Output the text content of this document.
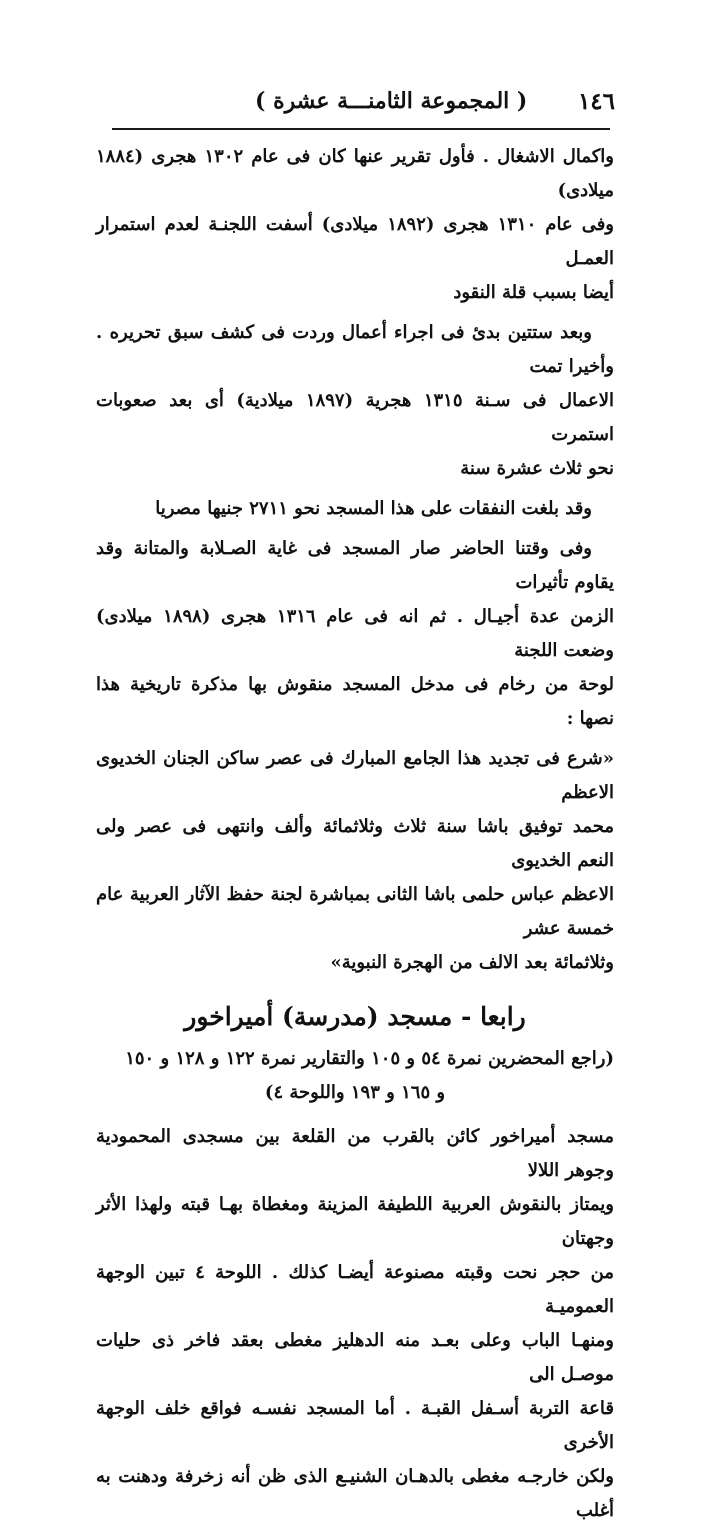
١٤٦
( المجموعة الثامنـــة عشرة )

واكمال الاشغال . فأول تقرير عنها كان فى عام ١٣٠٢ هجرى (١٨٨٤ ميلادى)
وفى عام ١٣١٠ هجرى (١٨٩٢ ميلادى) أسفت اللجنـة لعدم استمرار العمـل
أيضا بسبب قلة النقود

وبعد ستتين بدئ فى اجراء أعمال وردت فى كشف سبق تحريره . وأخيرا تمت
الاعمال فى سـنة ١٣١٥ هجرية (١٨٩٧ ميلادية) أى بعد صعوبات استمرت
نحو ثلاث عشرة سنة

وقد بلغت النفقات على هذا المسجد نحو ٢٧١١ جنيها مصريا

وفى وقتنا الحاضر صار المسجد فى غاية الصـلابة والمتانة وقد يقاوم تأثيرات
الزمن عدة أجيـال . ثم انه فى عام ١٣١٦ هجرى (١٨٩٨ ميلادى) وضعت اللجنة
لوحة من رخام فى مدخل المسجد منقوش بها مذكرة تاريخية هذا نصها :

«شرع فى تجديد هذا الجامع المبارك فى عصر ساكن الجنان الخديوى الاعظم
محمد توفيق باشا سنة ثلاث وثلاثمائة وألف وانتهى فى عصر ولى النعم الخديوى
الاعظم عباس حلمى باشا الثانى بمباشرة لجنة حفظ الآثار العربية عام خمسة عشر
وثلاثمائة بعد الالف من الهجرة النبوية»

رابعا - مسجد (مدرسة) أميراخور

(راجع المحضرين نمرة ٥٤ و ١٠٥ والتقارير نمرة ١٢٢ و ١٢٨ و ١٥٠

و ١٦٥ و ١٩٣ واللوحة ٤)

مسجد أميراخور كائن بالقرب من القلعة بين مسجدى المحمودية وجوهر اللالا
ويمتاز بالنقوش العربية اللطيفة المزينة ومغطاة بهـا قبته ولهذا الأثر وجهتان
من حجر نحت وقبته مصنوعة أيضـا كذلك . اللوحة ٤ تبين الوجهة العموميـة
ومنهـا الباب وعلى بعـد منه الدهليز مغطى بعقد فاخر ذى حليات موصـل الى
قاعة التربة أسـفل القبـة . أما المسجد نفسـه فواقع خلف الوجهة الأخرى
ولكن خارجـه مغطى بالدهـان الشنيـع الذى ظن أنه زخرفة ودهنت به أغلب
